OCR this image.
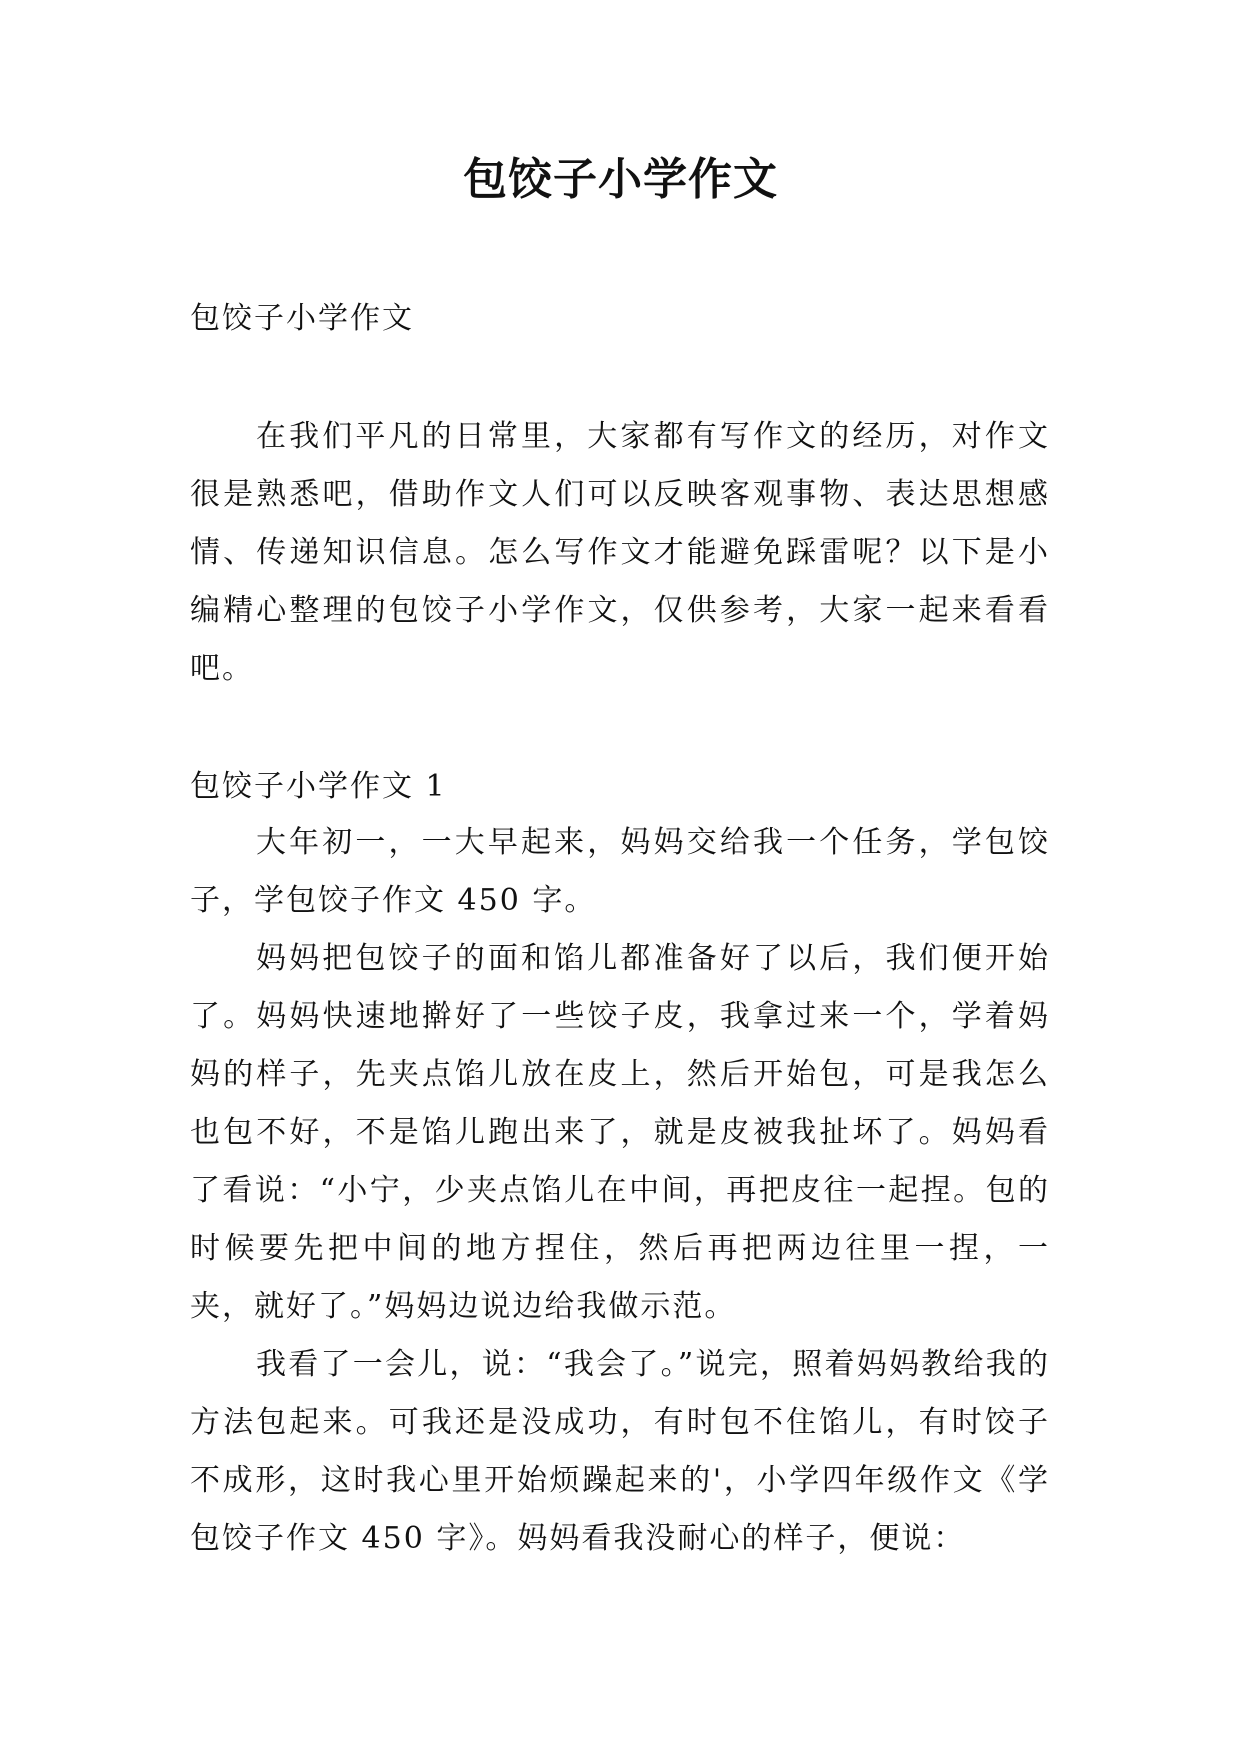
包饺子小学作文

包饺子小学作文

在我们平凡的日常里，大家都有写作文的经历，对作文很是熟悉吧，借助作文人们可以反映客观事物、表达思想感情、传递知识信息。怎么写作文才能避免踩雷呢？以下是小编精心整理的包饺子小学作文，仅供参考，大家一起来看看吧。

包饺子小学作文 1

大年初一，一大早起来，妈妈交给我一个任务，学包饺子，学包饺子作文 450 字。

妈妈把包饺子的面和馅儿都准备好了以后，我们便开始了。妈妈快速地擀好了一些饺子皮，我拿过来一个，学着妈妈的样子，先夹点馅儿放在皮上，然后开始包，可是我怎么也包不好，不是馅儿跑出来了，就是皮被我扯坏了。妈妈看了看说：“小宁，少夹点馅儿在中间，再把皮往一起捏。包的时候要先把中间的地方捏住，然后再把两边往里一捏，一夹，就好了。”妈妈边说边给我做示范。

我看了一会儿，说：“我会了。”说完，照着妈妈教给我的方法包起来。可我还是没成功，有时包不住馅儿，有时饺子不成形，这时我心里开始烦躁起来的'，小学四年级作文《学包饺子作文 450 字》。妈妈看我没耐心的样子，便说：
